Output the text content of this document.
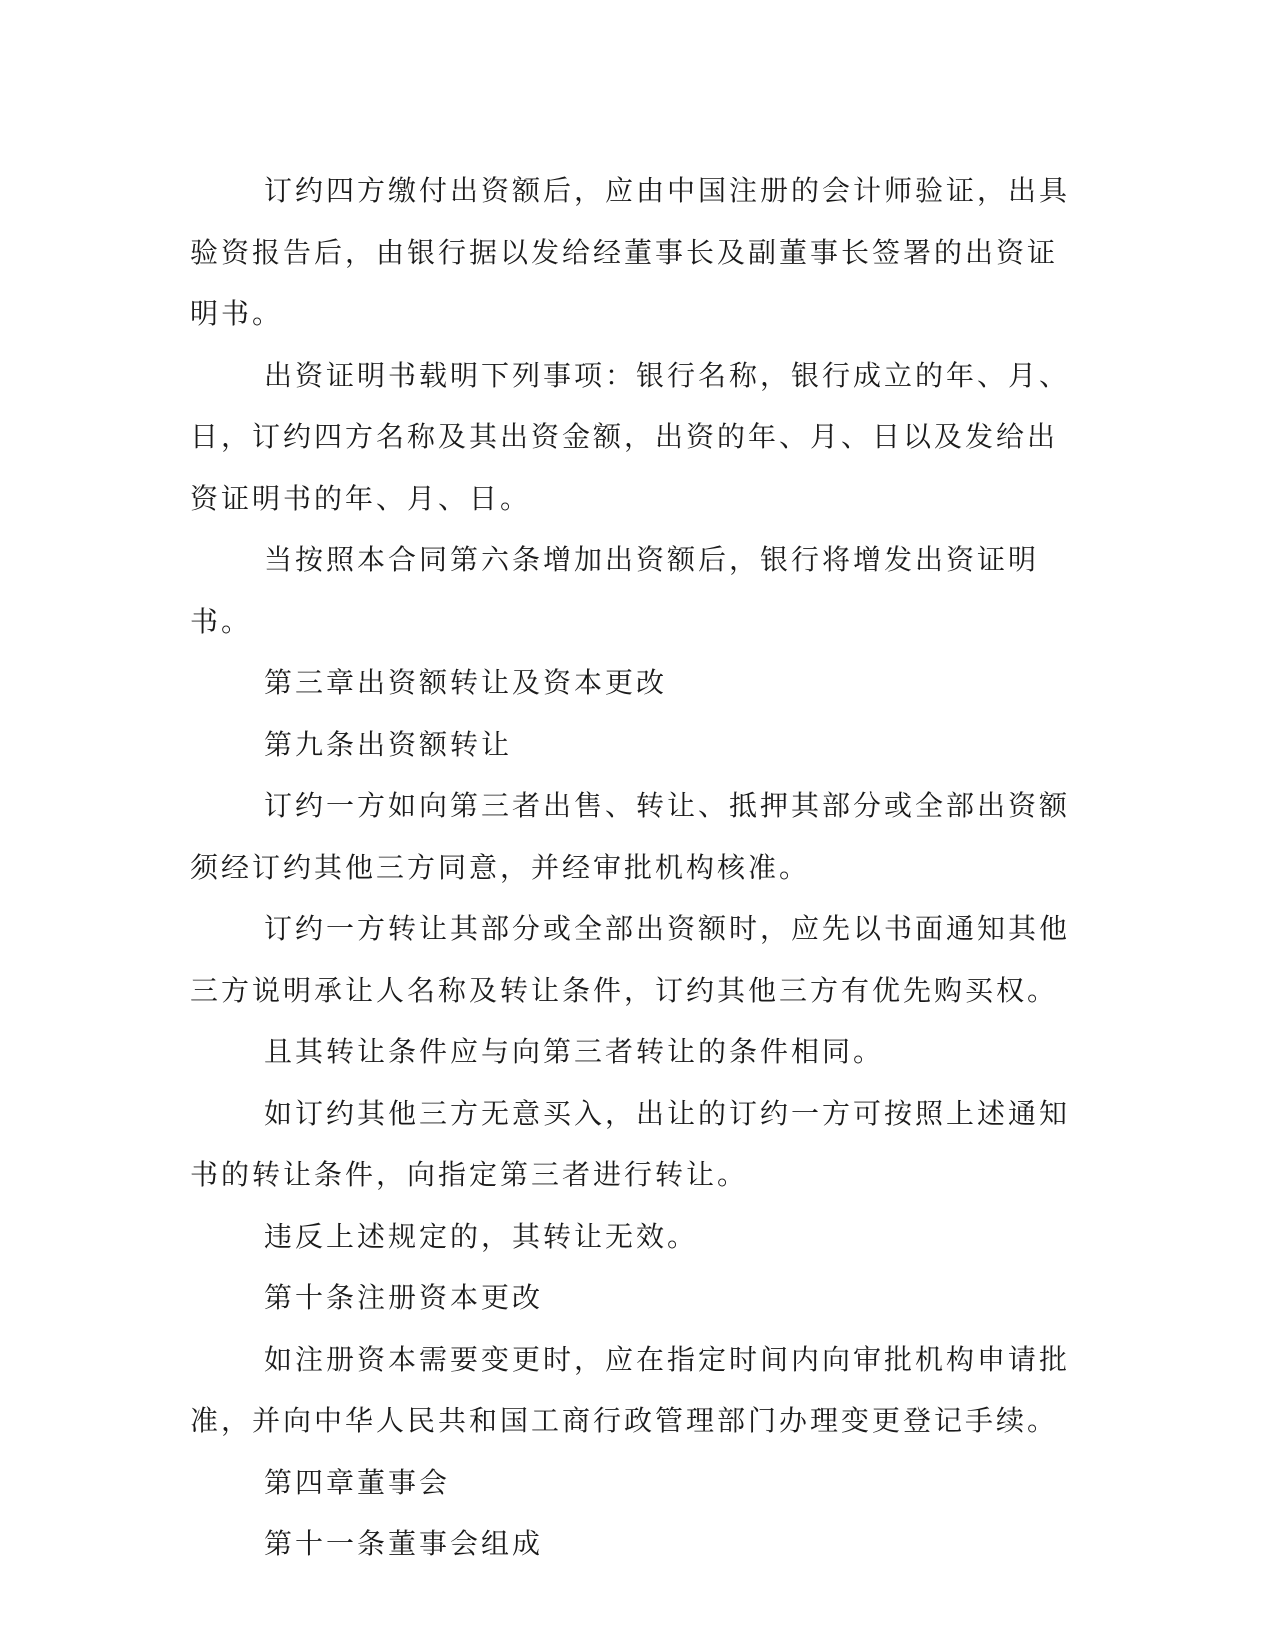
订约四方缴付出资额后，应由中国注册的会计师验证，出具验资报告后，由银行据以发给经董事长及副董事长签署的出资证明书。

出资证明书载明下列事项：银行名称，银行成立的年、月、日，订约四方名称及其出资金额，出资的年、月、日以及发给出资证明书的年、月、日。

当按照本合同第六条增加出资额后，银行将增发出资证明书。

第三章出资额转让及资本更改

第九条出资额转让

订约一方如向第三者出售、转让、抵押其部分或全部出资额须经订约其他三方同意，并经审批机构核准。

订约一方转让其部分或全部出资额时，应先以书面通知其他三方说明承让人名称及转让条件，订约其他三方有优先购买权。

且其转让条件应与向第三者转让的条件相同。

如订约其他三方无意买入，出让的订约一方可按照上述通知书的转让条件，向指定第三者进行转让。

违反上述规定的，其转让无效。

第十条注册资本更改

如注册资本需要变更时，应在指定时间内向审批机构申请批准，并向中华人民共和国工商行政管理部门办理变更登记手续。

第四章董事会

第十一条董事会组成
